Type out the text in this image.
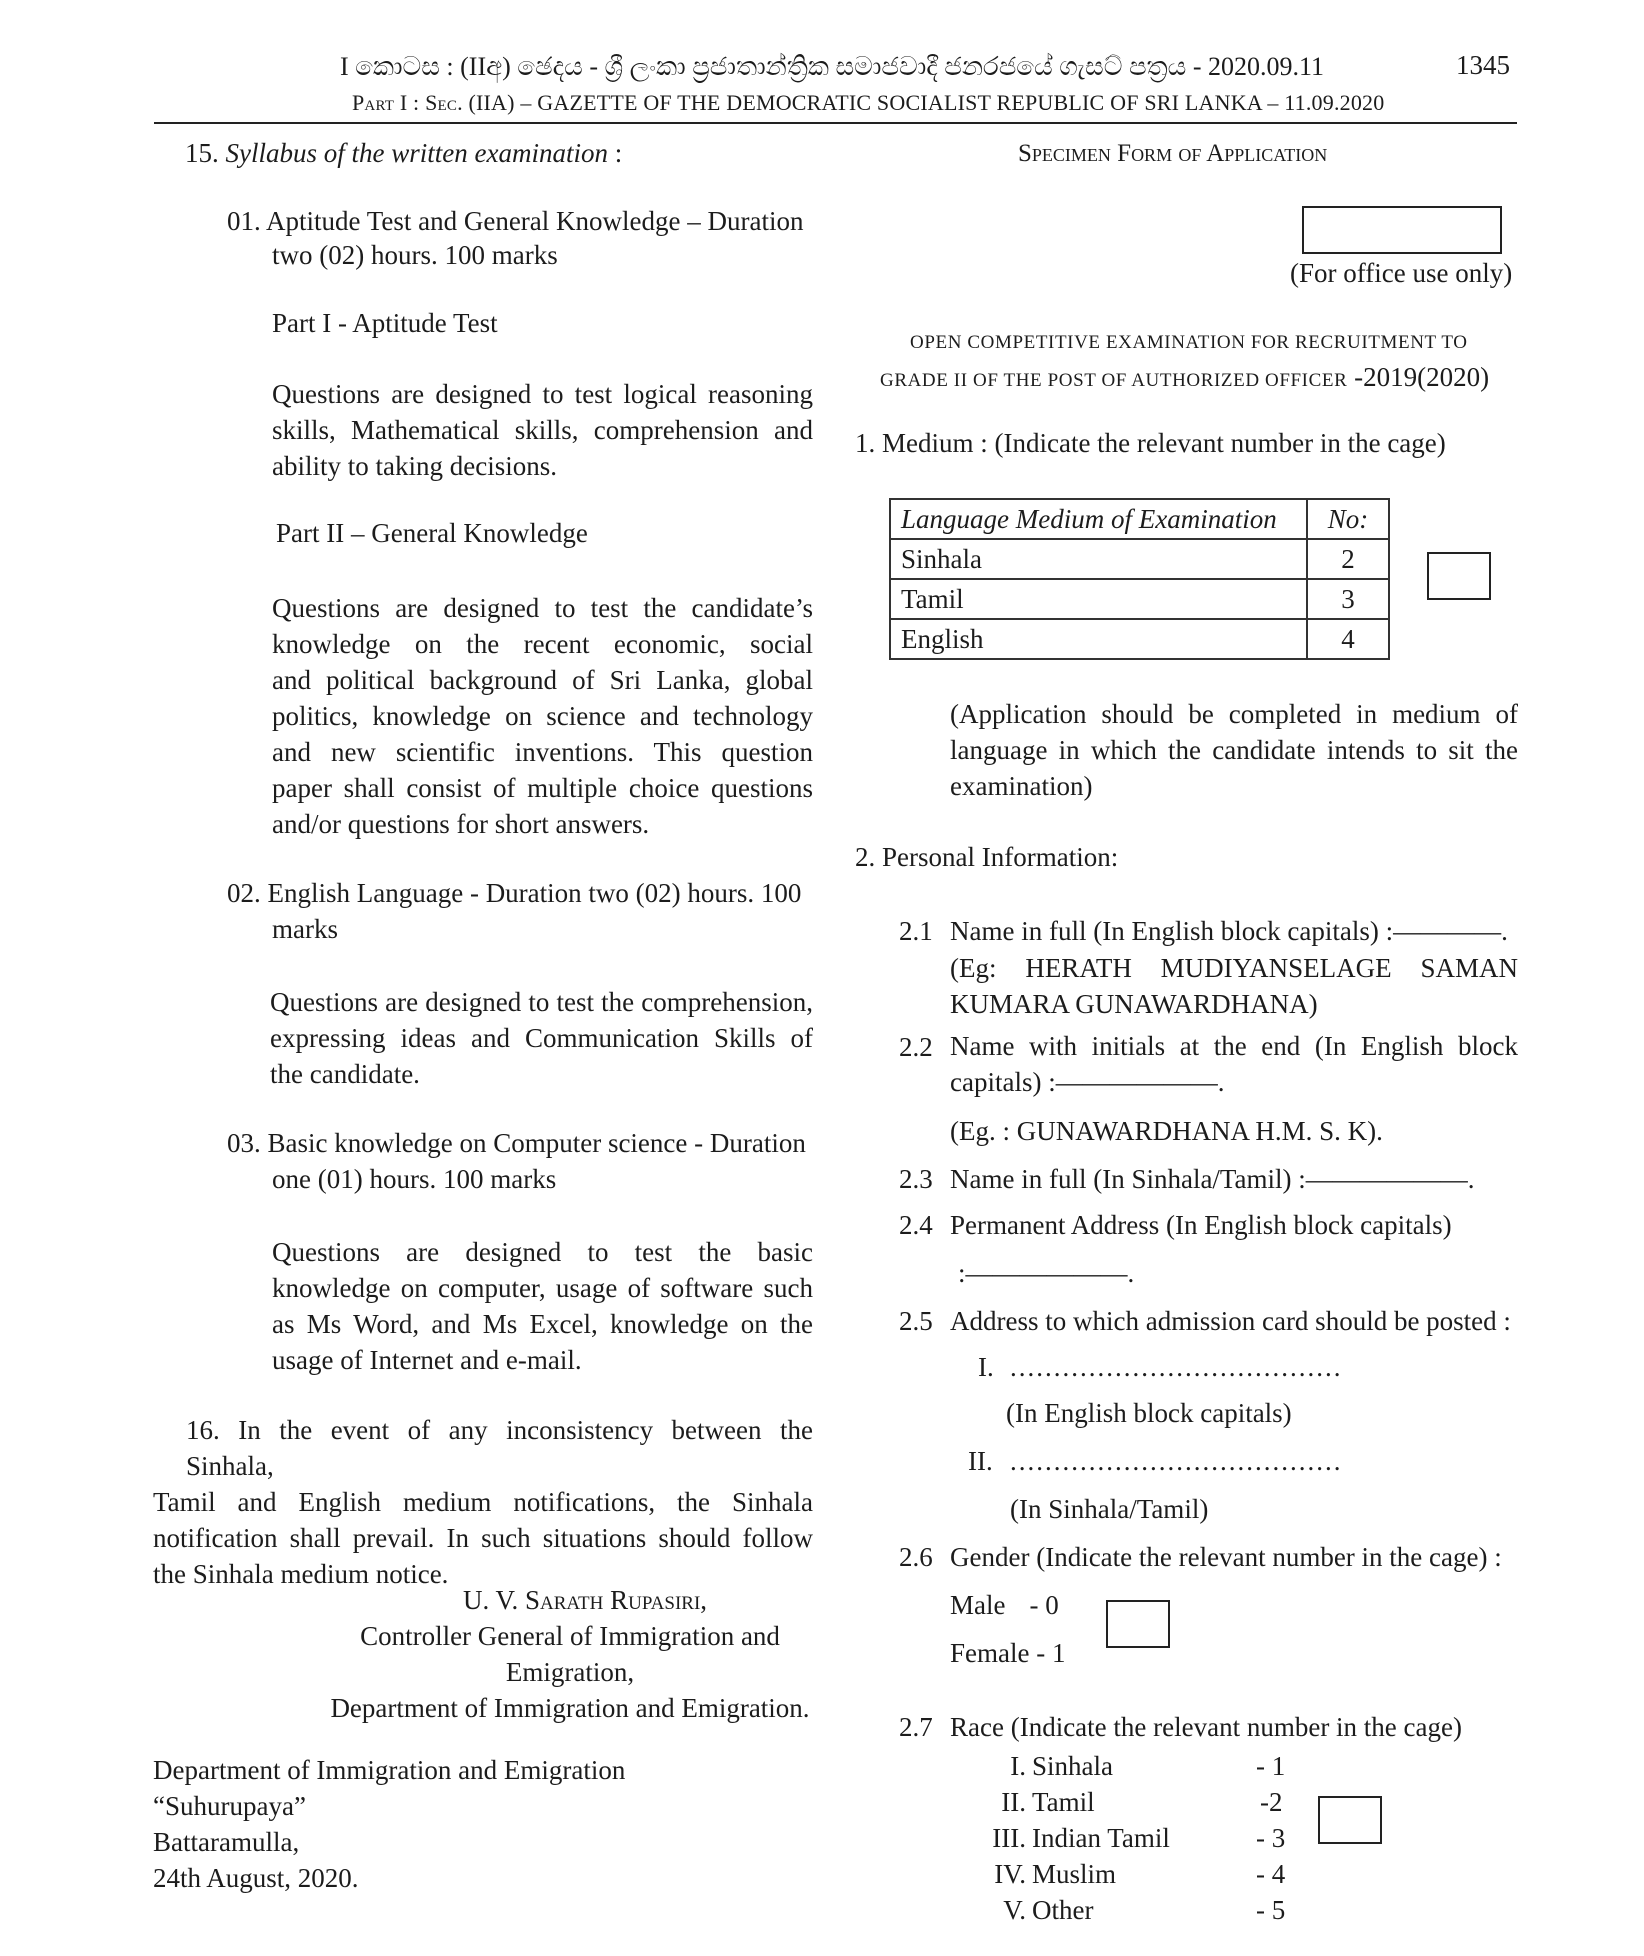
I කොටස : (IIඅ) ඡෙදය - ශ්‍රී ලංකා ප්‍රජාතාන්ත්‍රික සමාජවාදී ජනරජයේ ගැසට් පත්‍රය - 2020.09.11	1345
Part I : Sec. (IIA) – GAZETTE OF THE DEMOCRATIC SOCIALIST REPUBLIC OF SRI LANKA – 11.09.2020
15. Syllabus of the written examination :
01. Aptitude Test and General Knowledge – Duration
two (02) hours. 100 marks
Part I - Aptitude Test
Questions are designed to test logical reasoning
skills, Mathematical skills, comprehension and
ability to taking decisions.
Part II – General Knowledge
Questions are designed to test the candidate’s
knowledge on the recent economic, social
and political background of Sri Lanka, global
politics, knowledge on science and technology
and new scientific inventions. This question
paper shall consist of multiple choice questions
and/or questions for short answers.
02. English Language - Duration two (02) hours. 100
marks
Questions are designed to test the comprehension,
expressing ideas and Communication Skills of
the candidate.
03. Basic knowledge on Computer science - Duration
one (01) hours. 100 marks
Questions are designed to test the basic
knowledge on computer, usage of software such
as Ms Word, and Ms Excel, knowledge on the
usage of Internet and e-mail.
16. In the event of any inconsistency between the Sinhala,
Tamil and English medium notifications, the Sinhala
notification shall prevail. In such situations should follow
the Sinhala medium notice.
U. V. Sarath Rupasiri,
Controller General of Immigration and
Emigration,
Department of Immigration and Emigration.
Department of Immigration and Emigration
“Suhurupaya”
Battaramulla,
24th August, 2020.
Specimen Form of Application
(For office use only)
OPEN COMPETITIVE EXAMINATION FOR RECRUITMENT TO
GRADE II OF THE POST OF AUTHORIZED OFFICER -2019(2020)
1. Medium : (Indicate the relevant number in the cage)
Language Medium of Examination	No:
Sinhala	2
Tamil	3
English	4
(Application should be completed in medium of
language in which the candidate intends to sit the
examination)
2. Personal Information:
2.1 Name in full (In English block capitals) :————.
(Eg: HERATH MUDIYANSELAGE SAMAN
KUMARA GUNAWARDHANA)
2.2 Name with initials at the end (In English block
capitals) :——————.
(Eg. : GUNAWARDHANA H.M. S. K).
2.3 Name in full (In Sinhala/Tamil) :——————.
2.4 Permanent Address (In English block capitals)
:——————.
2.5 Address to which admission card should be posted :
I. ......................................
(In English block capitals)
II. ......................................
(In Sinhala/Tamil)
2.6 Gender (Indicate the relevant number in the cage) :
Male - 0
Female - 1
2.7 Race (Indicate the relevant number in the cage)
I. Sinhala	- 1
II. Tamil	-2
III. Indian Tamil	- 3
IV. Muslim	- 4
V. Other	- 5
